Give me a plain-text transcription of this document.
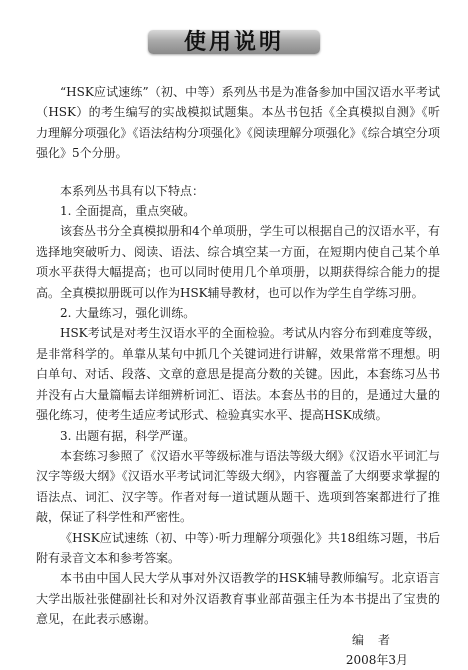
使用说明

“HSK应试速练”（初、中等）系列丛书是为准备参加中国汉语水平考试（HSK）的考生编写的实战模拟试题集。本丛书包括《全真模拟自测》《听力理解分项强化》《语法结构分项强化》《阅读理解分项强化》《综合填空分项强化》5个分册。

本系列丛书具有以下特点：

1. 全面提高，重点突破。

该套丛书分全真模拟册和4个单项册，学生可以根据自己的汉语水平，有选择地突破听力、阅读、语法、综合填空某一方面，在短期内使自己某个单项水平获得大幅提高；也可以同时使用几个单项册，以期获得综合能力的提高。全真模拟册既可以作为HSK辅导教材，也可以作为学生自学练习册。

2. 大量练习，强化训练。

HSK考试是对考生汉语水平的全面检验。考试从内容分布到难度等级，是非常科学的。单靠从某句中抓几个关键词进行讲解，效果常常不理想。明白单句、对话、段落、文章的意思是提高分数的关键。因此，本套练习丛书并没有占大量篇幅去详细辨析词汇、语法。本套丛书的目的，是通过大量的强化练习，使考生适应考试形式、检验真实水平、提高HSK成绩。

3. 出题有据，科学严谨。

本套练习参照了《汉语水平等级标准与语法等级大纲》《汉语水平词汇与汉字等级大纲》《汉语水平考试词汇等级大纲》，内容覆盖了大纲要求掌握的语法点、词汇、汉字等。作者对每一道试题从题干、选项到答案都进行了推敲，保证了科学性和严密性。

《HSK应试速练（初、中等）·听力理解分项强化》共18组练习题，书后附有录音文本和参考答案。

本书由中国人民大学从事对外汉语教学的HSK辅导教师编写。北京语言大学出版社张健副社长和对外汉语教育事业部苗强主任为本书提出了宝贵的意见，在此表示感谢。

编者

2008年3月
